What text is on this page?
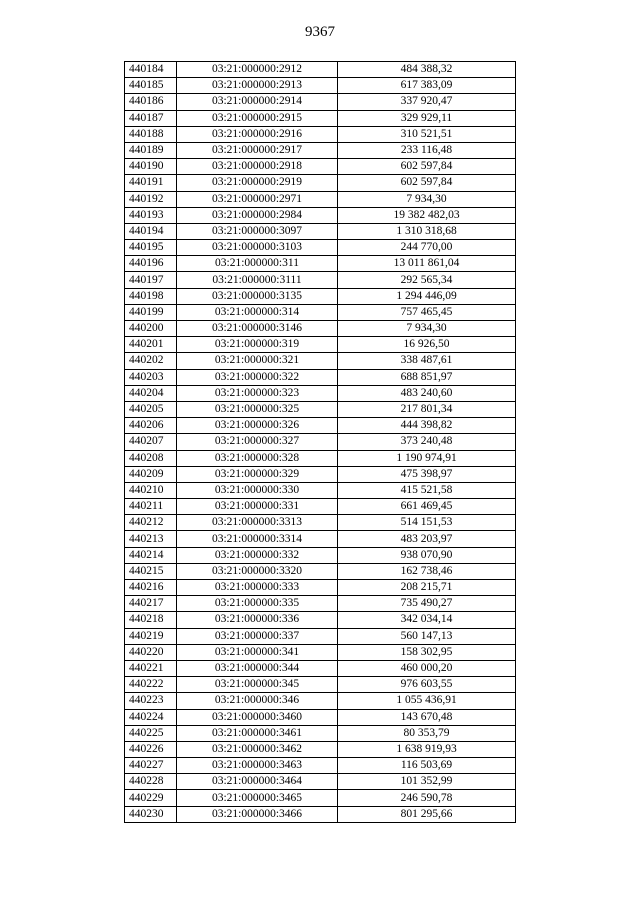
9367
440184	03:21:000000:2912	484 388,32
440185	03:21:000000:2913	617 383,09
440186	03:21:000000:2914	337 920,47
440187	03:21:000000:2915	329 929,11
440188	03:21:000000:2916	310 521,51
440189	03:21:000000:2917	233 116,48
440190	03:21:000000:2918	602 597,84
440191	03:21:000000:2919	602 597,84
440192	03:21:000000:2971	7 934,30
440193	03:21:000000:2984	19 382 482,03
440194	03:21:000000:3097	1 310 318,68
440195	03:21:000000:3103	244 770,00
440196	03:21:000000:311	13 011 861,04
440197	03:21:000000:3111	292 565,34
440198	03:21:000000:3135	1 294 446,09
440199	03:21:000000:314	757 465,45
440200	03:21:000000:3146	7 934,30
440201	03:21:000000:319	16 926,50
440202	03:21:000000:321	338 487,61
440203	03:21:000000:322	688 851,97
440204	03:21:000000:323	483 240,60
440205	03:21:000000:325	217 801,34
440206	03:21:000000:326	444 398,82
440207	03:21:000000:327	373 240,48
440208	03:21:000000:328	1 190 974,91
440209	03:21:000000:329	475 398,97
440210	03:21:000000:330	415 521,58
440211	03:21:000000:331	661 469,45
440212	03:21:000000:3313	514 151,53
440213	03:21:000000:3314	483 203,97
440214	03:21:000000:332	938 070,90
440215	03:21:000000:3320	162 738,46
440216	03:21:000000:333	208 215,71
440217	03:21:000000:335	735 490,27
440218	03:21:000000:336	342 034,14
440219	03:21:000000:337	560 147,13
440220	03:21:000000:341	158 302,95
440221	03:21:000000:344	460 000,20
440222	03:21:000000:345	976 603,55
440223	03:21:000000:346	1 055 436,91
440224	03:21:000000:3460	143 670,48
440225	03:21:000000:3461	80 353,79
440226	03:21:000000:3462	1 638 919,93
440227	03:21:000000:3463	116 503,69
440228	03:21:000000:3464	101 352,99
440229	03:21:000000:3465	246 590,78
440230	03:21:000000:3466	801 295,66
